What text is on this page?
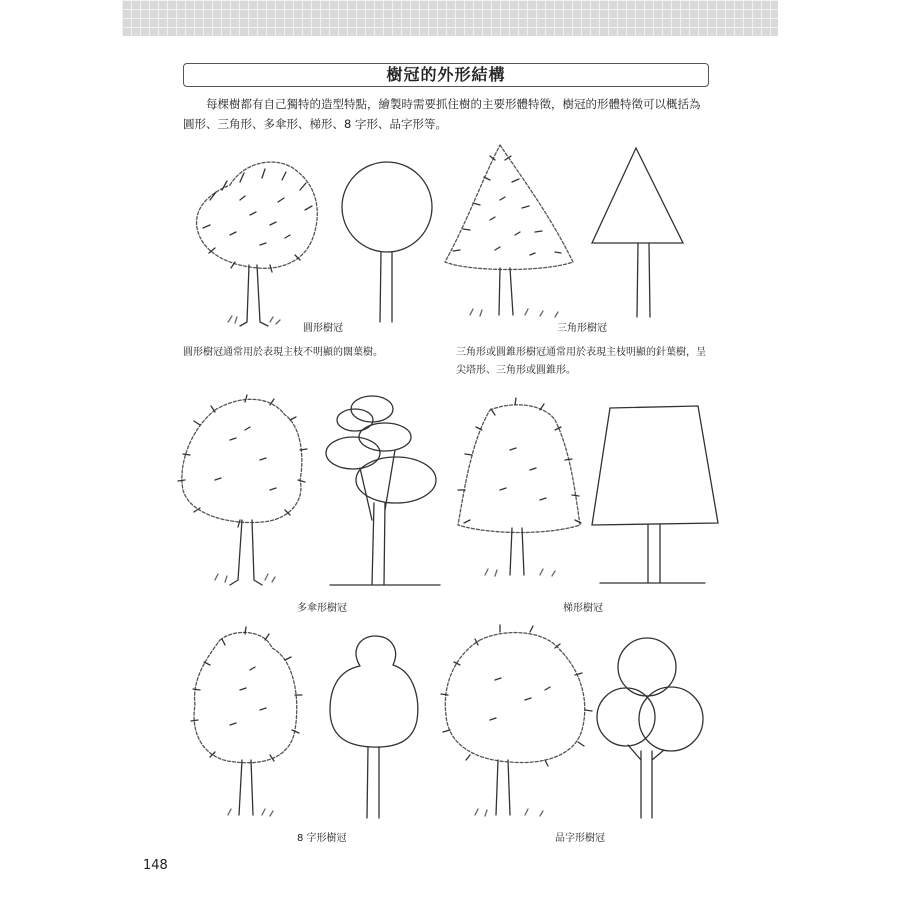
樹冠的外形結構
每棵樹都有自己獨特的造型特點，繪製時需要抓住樹的主要形體特徵，樹冠的形體特徵可以概括為
圓形、三角形、多傘形、梯形、8 字形、品字形等。
圓形樹冠	三角形樹冠
圓形樹冠通常用於表現主枝不明顯的闊葉樹。	三角形或圓錐形樹冠通常用於表現主枝明顯的針葉樹，呈
尖塔形、三角形或圓錐形。
多傘形樹冠	梯形樹冠
8 字形樹冠	品字形樹冠
148
